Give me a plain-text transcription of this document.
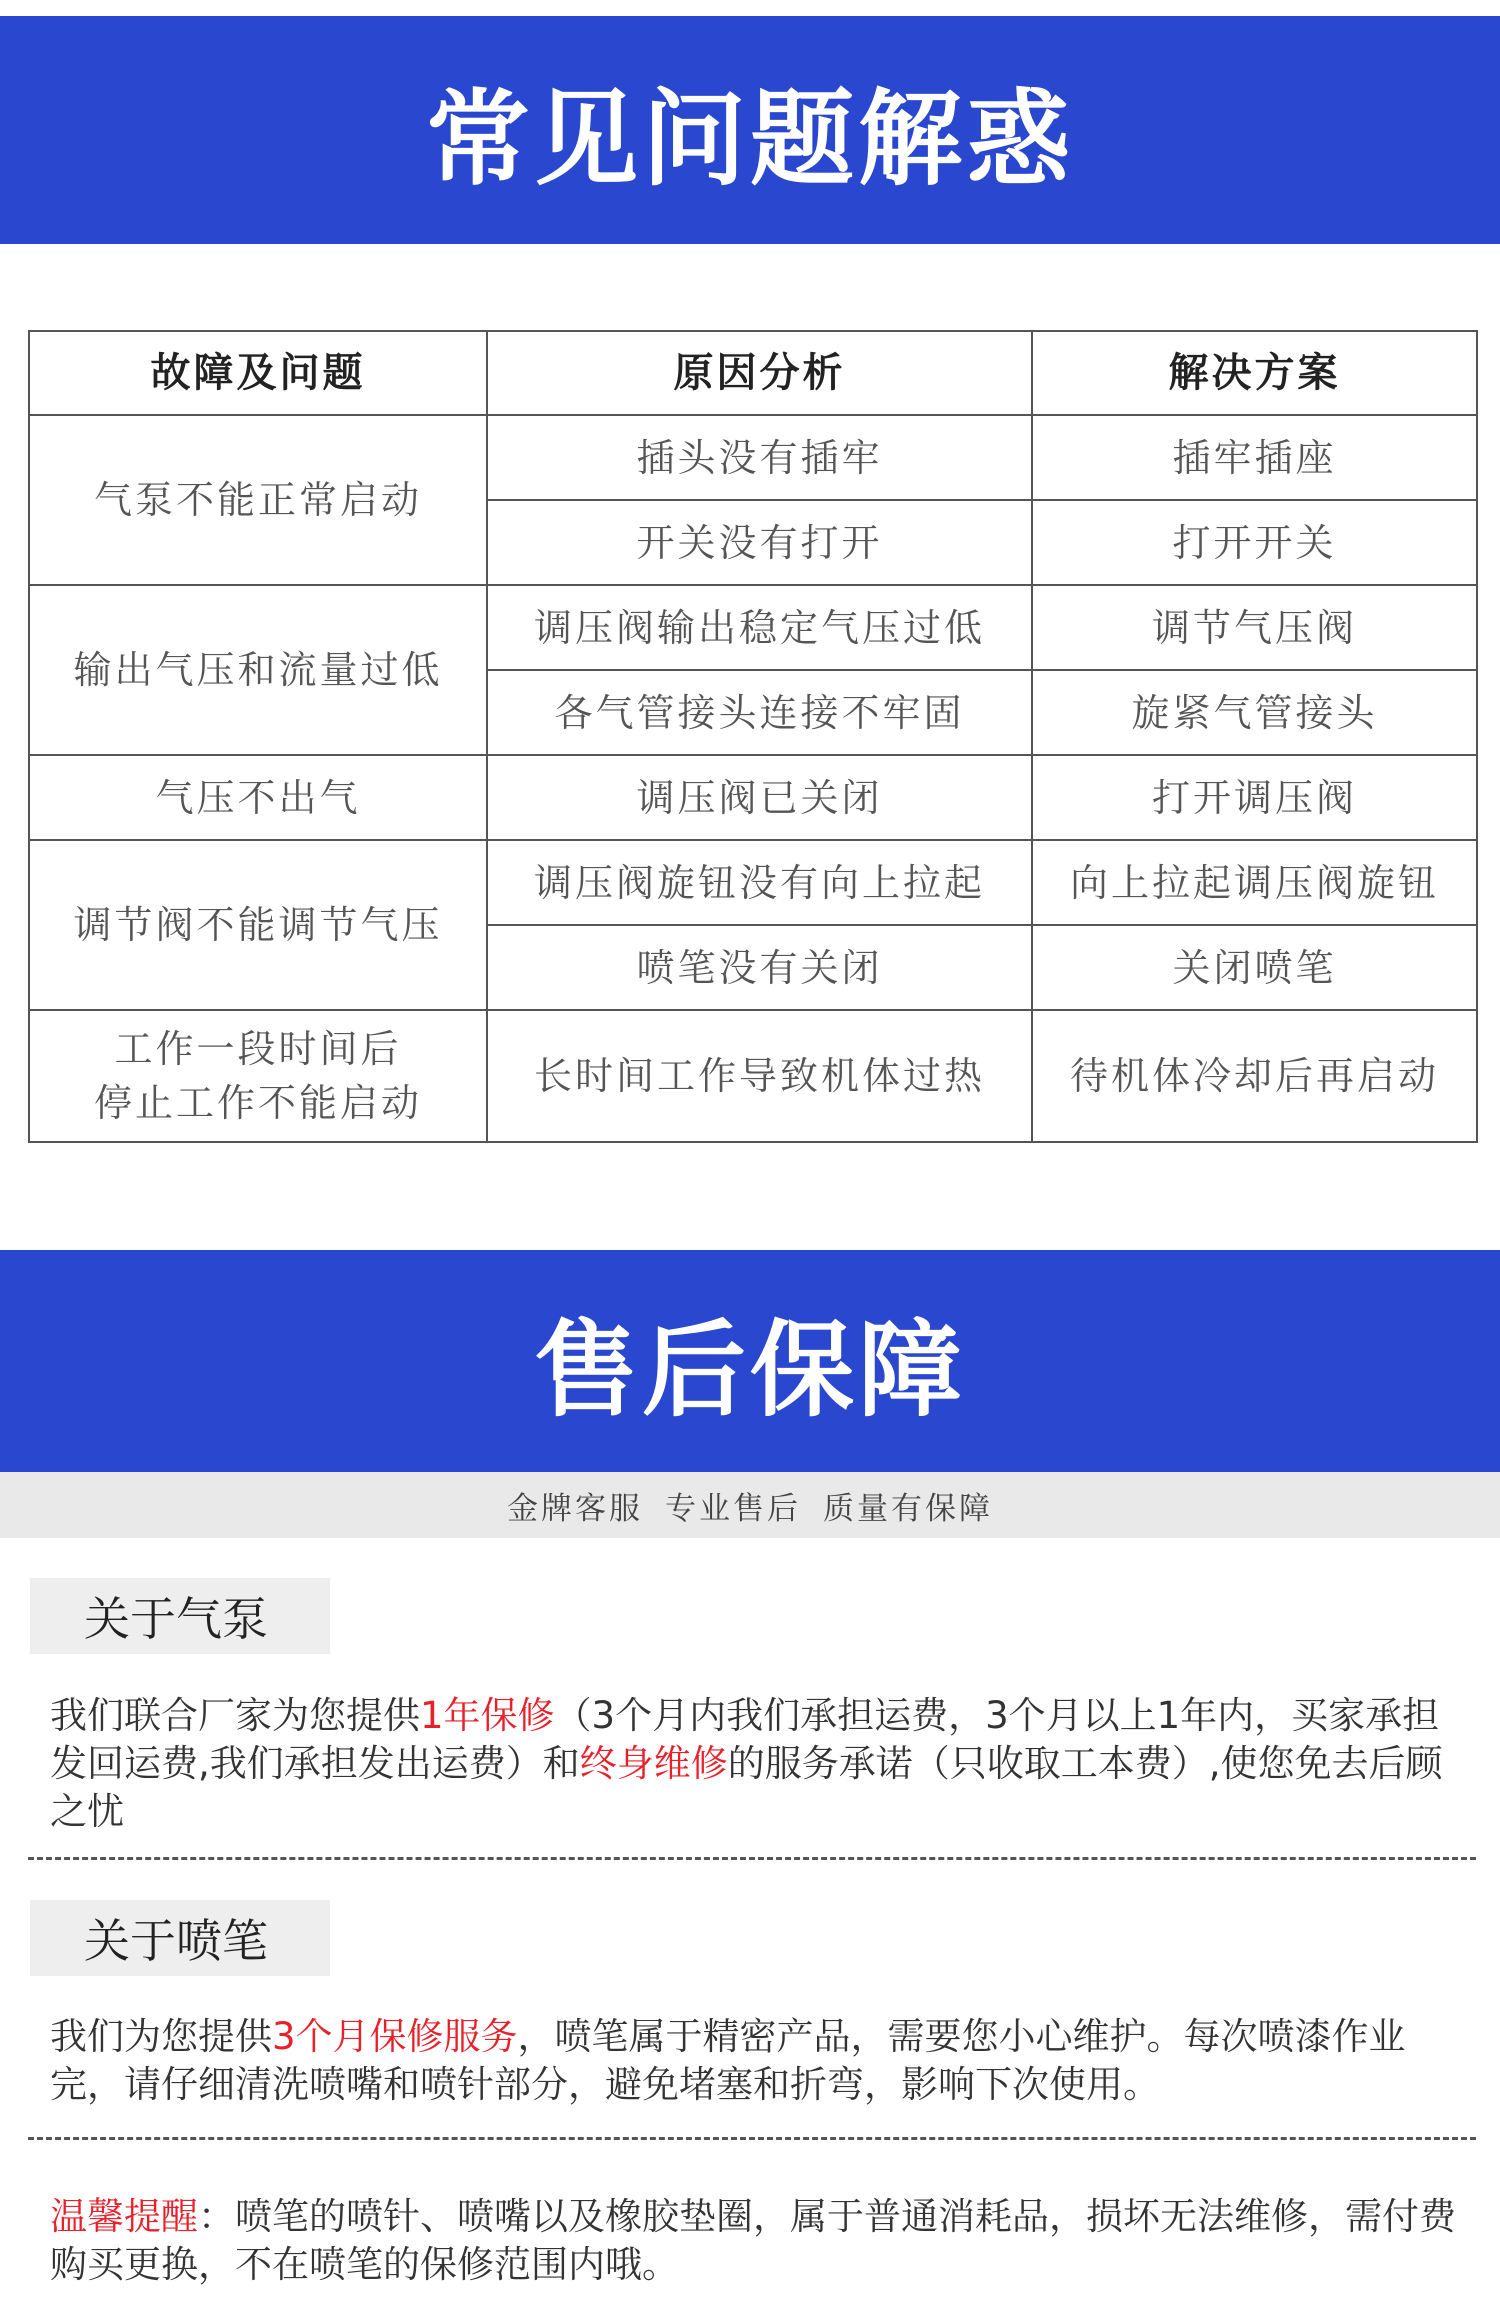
常见问题解惑
故障及问题	原因分析	解决方案
气泵不能正常启动	插头没有插牢	插牢插座
	开关没有打开	打开开关
输出气压和流量过低	调压阀输出稳定气压过低	调节气压阀
	各气管接头连接不牢固	旋紧气管接头
气压不出气	调压阀已关闭	打开调压阀
调节阀不能调节气压	调压阀旋钮没有向上拉起	向上拉起调压阀旋钮
	喷笔没有关闭	关闭喷笔

工作一段时间后
停止工作不能启动	长时间工作导致机体过热	待机体冷却后再启动
售后保障
金牌客服 专业售后 质量有保障
关于气泵

我们联合厂家为您提供1年保修（3个月内我们承担运费，3个月以上1年内，买家承担发回运费,我们承担发出运费）和终身维修的服务承诺（只收取工本费）,使您免去后顾之忧

关于喷笔

我们为您提供3个月保修服务，喷笔属于精密产品，需要您小心维护。每次喷漆作业完，请仔细清洗喷嘴和喷针部分，避免堵塞和折弯，影响下次使用。

温馨提醒：喷笔的喷针、喷嘴以及橡胶垫圈，属于普通消耗品，损坏无法维修，需付费购买更换，不在喷笔的保修范围内哦。
